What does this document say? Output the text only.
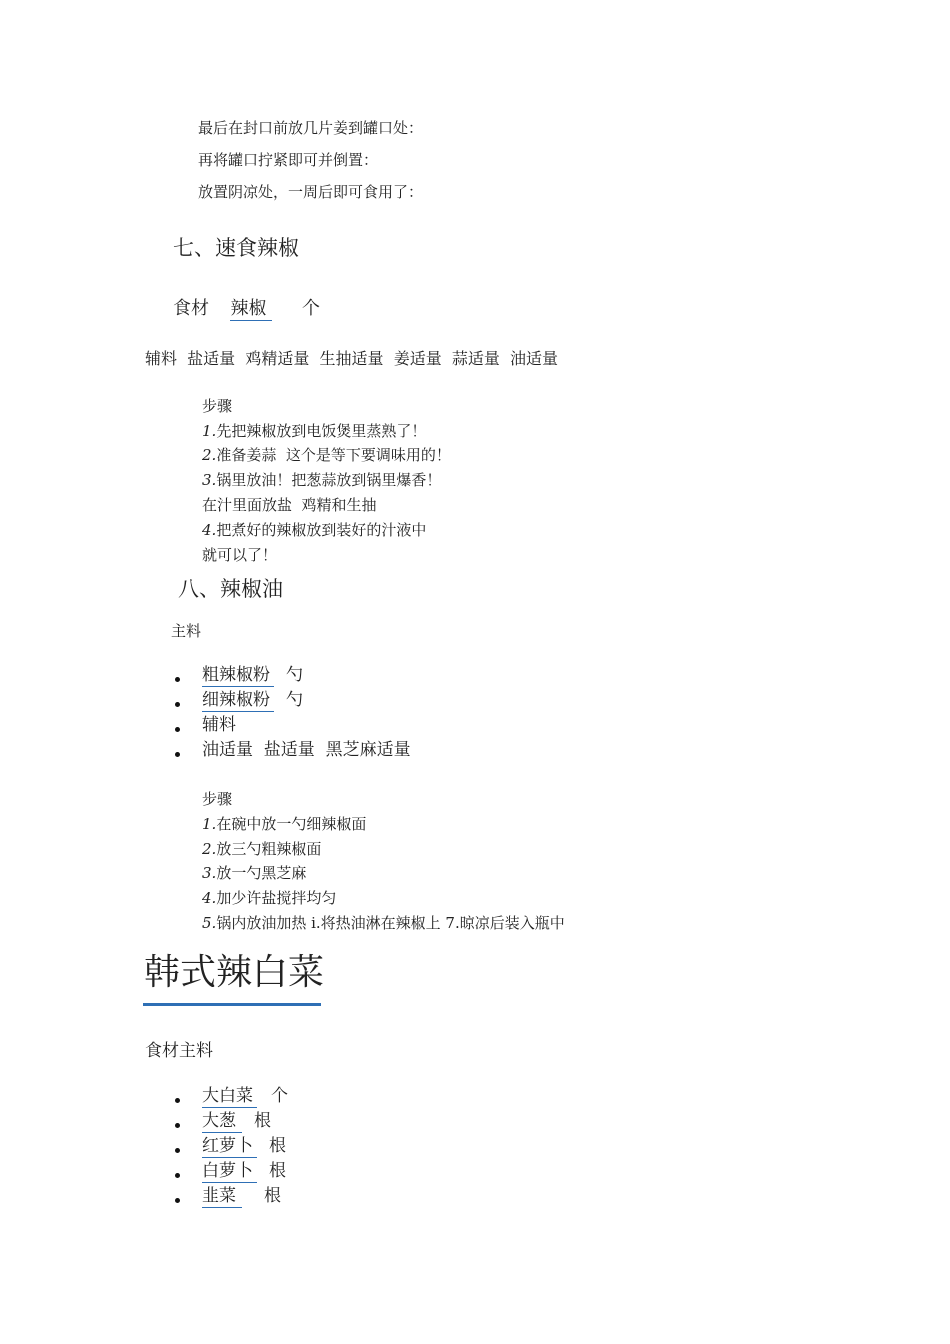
最后在封口前放几片姜到罐口处：
再将罐口拧紧即可并倒置：
放置阴凉处，一周后即可食用了：
七、速食辣椒
食材 辣椒 个
辅料  盐适量  鸡精适量  生抽适量  姜适量  蒜适量  油适量
步骤
1.先把辣椒放到电饭煲里蒸熟了！
2.准备姜蒜  这个是等下要调味用的！
3.锅里放油！把葱蒜放到锅里爆香！
在汁里面放盐  鸡精和生抽
4.把煮好的辣椒放到装好的汁液中
就可以了！
八、辣椒油
主料
粗辣椒粉 勺
细辣椒粉 勺
辅料
油适量  盐适量  黑芝麻适量
步骤
1.在碗中放一勺细辣椒面
2.放三勺粗辣椒面
3.放一勺黑芝麻
4.加少许盐搅拌均匀
5.锅内放油加热 i.将热油淋在辣椒上 7.晾凉后装入瓶中
韩式辣白菜
食材主料
大白菜 个
大葱 根
红萝卜 根
白萝卜 根
韭菜 根
